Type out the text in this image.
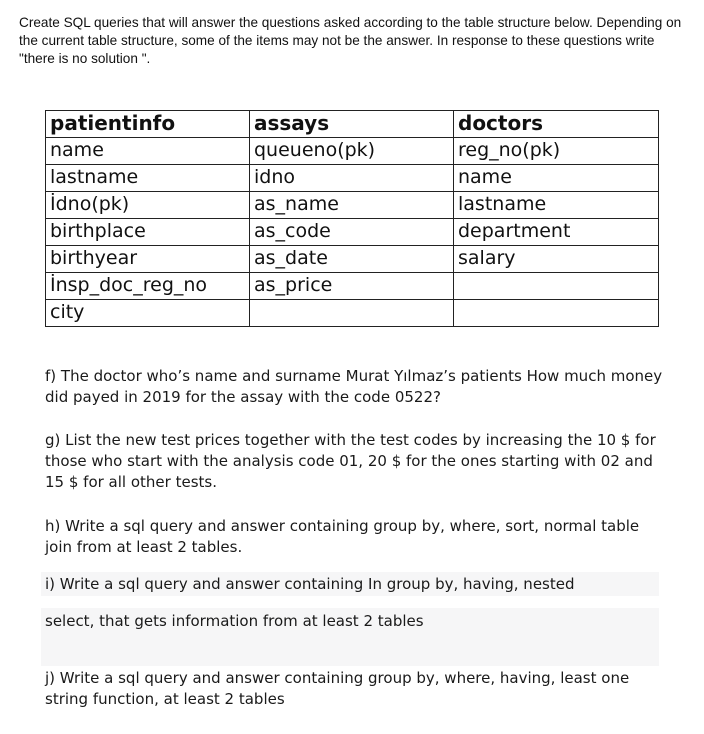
Create SQL queries that will answer the questions asked according to the table structure below. Depending on the current table structure, some of the items may not be the answer. In response to these questions write "there is no solution ".
patientinfo	assays	doctors
name	queueno(pk)	reg_no(pk)
lastname	idno	name
İdno(pk)	as_name	lastname
birthplace	as_code	department
birthyear	as_date	salary
İnsp_doc_reg_no	as_price	
city		
f) The doctor who’s name and surname Murat Yılmaz’s patients How much money did payed in 2019 for the assay with the code 0522?
g) List the new test prices together with the test codes by increasing the 10 $ for those who start with the analysis code 01, 20 $ for the ones starting with 02 and 15 $ for all other tests.
h) Write a sql query and answer containing group by, where, sort, normal table join from at least 2 tables.
i) Write a sql query and answer containing In group by, having, nested
select, that gets information from at least 2 tables
j) Write a sql query and answer containing group by, where, having, least one string function, at least 2 tables
